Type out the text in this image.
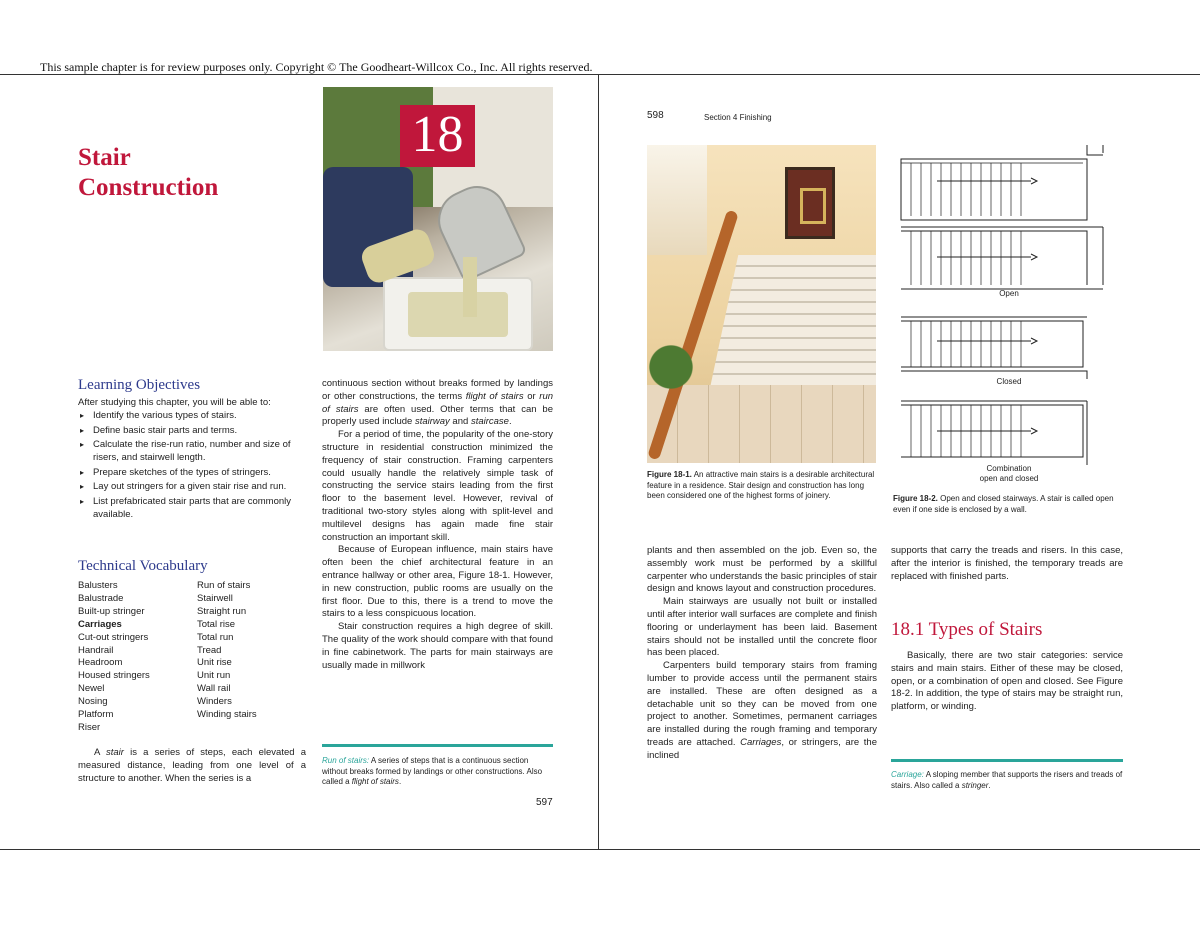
This sample chapter is for review purposes only. Copyright © The Goodheart-Willcox Co., Inc. All rights reserved.
Stair
Construction
18
Learning Objectives
After studying this chapter, you will be able to:
▸ Identify the various types of stairs.
▸ Define basic stair parts and terms.
▸ Calculate the rise-run ratio, number and size of risers, and stairwell length.
▸ Prepare sketches of the types of stringers.
▸ Lay out stringers for a given stair rise and run.
▸ List prefabricated stair parts that are commonly available.
Technical Vocabulary
Balusters
Balustrade
Built-up stringer
Carriages
Cut-out stringers
Handrail
Headroom
Housed stringers
Newel
Nosing
Platform
Riser
Run of stairs
Stairwell
Straight run
Total rise
Total run
Tread
Unit rise
Unit run
Wall rail
Winders
Winding stairs

A stair is a series of steps, each elevated a measured distance, leading from one level of a structure to another. When the series is a

continuous section without breaks formed by landings or other constructions, the terms flight of stairs or run of stairs are often used. Other terms that can be properly used include stairway and staircase.

For a period of time, the popularity of the one-story structure in residential construction minimized the frequency of stair construction. Framing carpenters could usually handle the relatively simple task of constructing the service stairs leading from the first floor to the basement level. However, revival of traditional two-story styles along with split-level and multilevel designs has again made fine stair construction an important skill.

Because of European influence, main stairs have often been the chief architectural feature in an entrance hallway or other area, Figure 18-1. However, in new construction, public rooms are usually on the first floor. Due to this, there is a trend to move the stairs to a less conspicuous location.

Stair construction requires a high degree of skill. The quality of the work should compare with that found in fine cabinetwork. The parts for main stairways are usually made in millwork

Run of stairs: A series of steps that is a continuous section without breaks formed by landings or other constructions. Also called a flight of stairs.
597
598	Section 4 Finishing
Figure 18-1. An attractive main stairs is a desirable architectural feature in a residence. Stair design and construction has long been considered one of the highest forms of joinery.
Open
Closed
Combination
open and closed
Figure 18-2. Open and closed stairways. A stair is called open even if one side is enclosed by a wall.

plants and then assembled on the job. Even so, the assembly work must be performed by a skillful carpenter who understands the basic principles of stair design and knows layout and construction procedures.

Main stairways are usually not built or installed until after interior wall surfaces are complete and finish flooring or underlayment has been laid. Basement stairs should not be installed until the concrete floor has been placed.

Carpenters build temporary stairs from framing lumber to provide access until the permanent stairs are installed. These are often designed as a detachable unit so they can be moved from one project to another. Sometimes, permanent carriages are installed during the rough framing and temporary treads are attached. Carriages, or stringers, are the inclined

supports that carry the treads and risers. In this case, after the interior is finished, the temporary treads are replaced with finished parts.

18.1 Types of Stairs

Basically, there are two stair categories: service stairs and main stairs. Either of these may be closed, open, or a combination of open and closed. See Figure 18-2. In addition, the type of stairs may be straight run, platform, or winding.

Carriage: A sloping member that supports the risers and treads of stairs. Also called a stringer.
